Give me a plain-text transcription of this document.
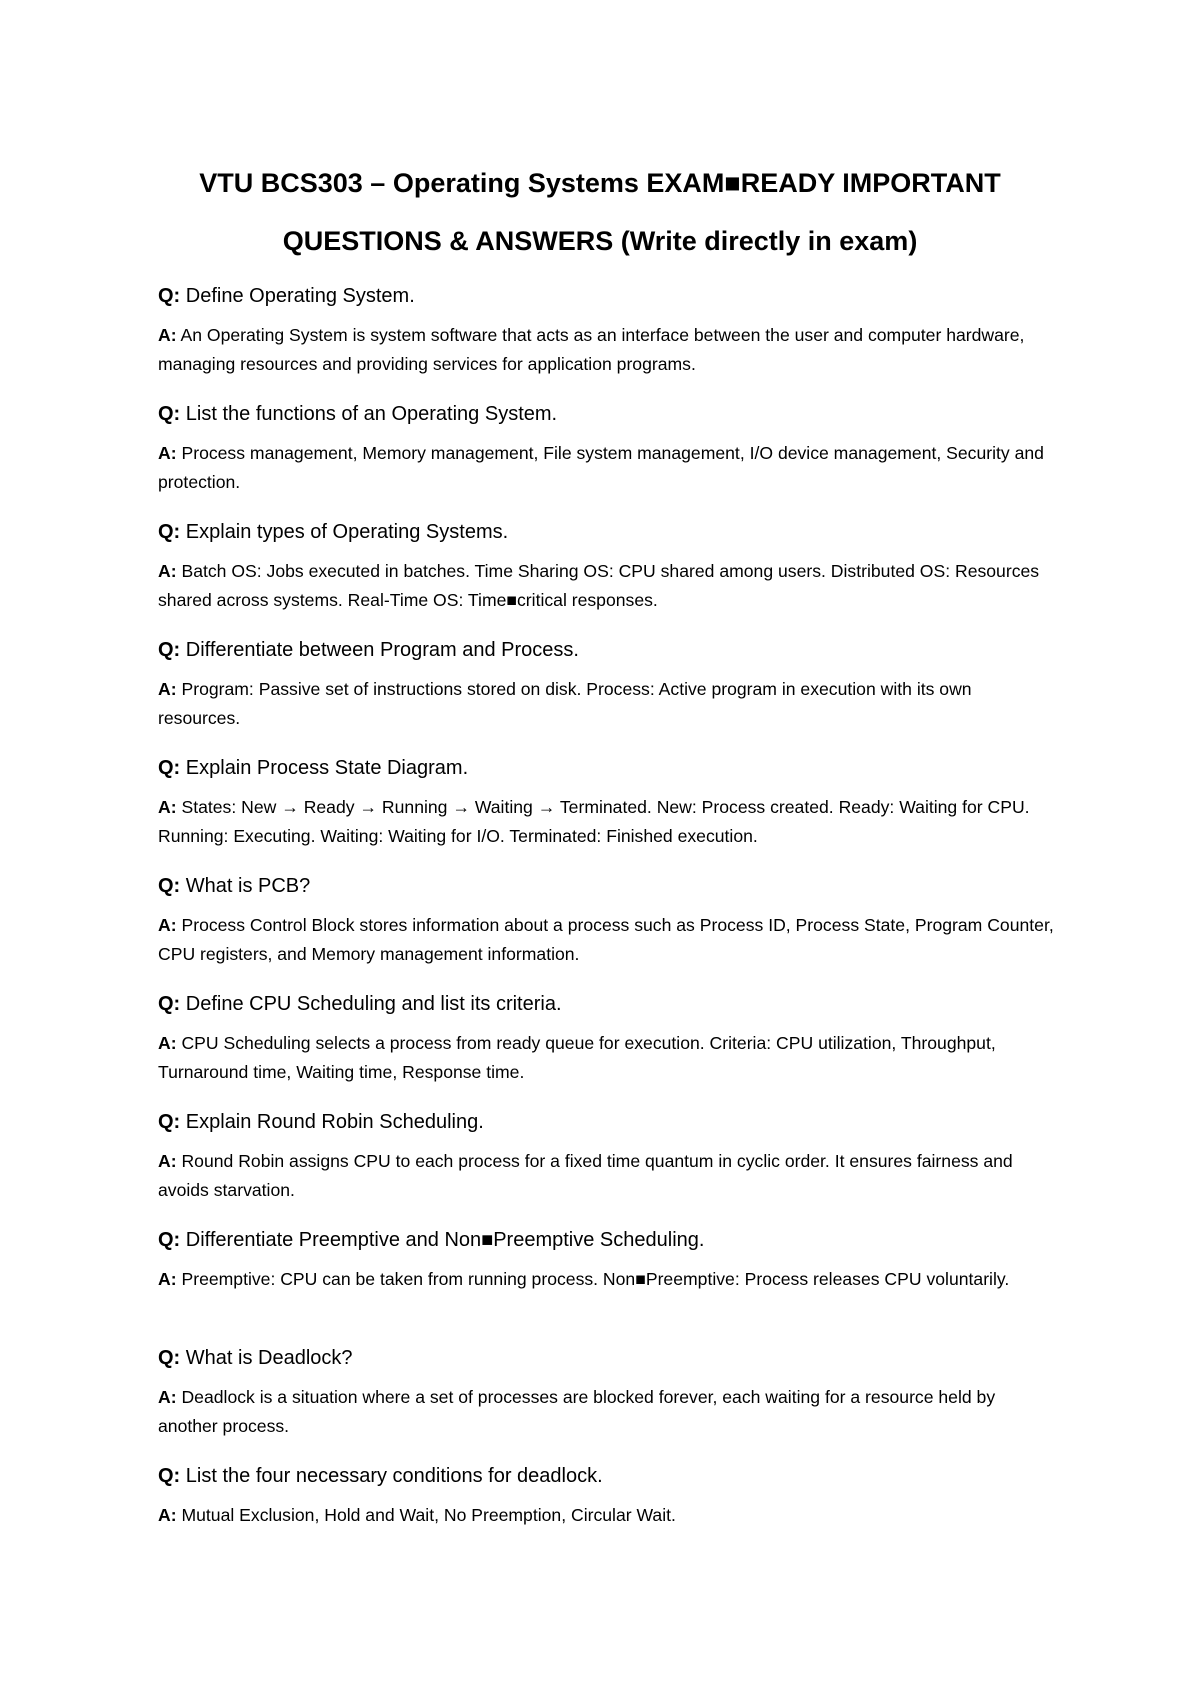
VTU BCS303 – Operating Systems EXAM■READY IMPORTANT
QUESTIONS & ANSWERS (Write directly in exam)

Q: Define Operating System.

A: An Operating System is system software that acts as an interface between the user and computer hardware, managing resources and providing services for application programs.

Q: List the functions of an Operating System.

A: Process management, Memory management, File system management, I/O device management, Security and protection.

Q: Explain types of Operating Systems.

A: Batch OS: Jobs executed in batches. Time Sharing OS: CPU shared among users. Distributed OS: Resources shared across systems. Real-Time OS: Time■critical responses.

Q: Differentiate between Program and Process.

A: Program: Passive set of instructions stored on disk. Process: Active program in execution with its own resources.

Q: Explain Process State Diagram.

A: States: New → Ready → Running → Waiting → Terminated. New: Process created. Ready: Waiting for CPU. Running: Executing. Waiting: Waiting for I/O. Terminated: Finished execution.

Q: What is PCB?

A: Process Control Block stores information about a process such as Process ID, Process State, Program Counter, CPU registers, and Memory management information.

Q: Define CPU Scheduling and list its criteria.

A: CPU Scheduling selects a process from ready queue for execution. Criteria: CPU utilization, Throughput, Turnaround time, Waiting time, Response time.

Q: Explain Round Robin Scheduling.

A: Round Robin assigns CPU to each process for a fixed time quantum in cyclic order. It ensures fairness and avoids starvation.

Q: Differentiate Preemptive and Non■Preemptive Scheduling.

A: Preemptive: CPU can be taken from running process. Non■Preemptive: Process releases CPU voluntarily.

Q: What is Deadlock?

A: Deadlock is a situation where a set of processes are blocked forever, each waiting for a resource held by another process.

Q: List the four necessary conditions for deadlock.

A: Mutual Exclusion, Hold and Wait, No Preemption, Circular Wait.
